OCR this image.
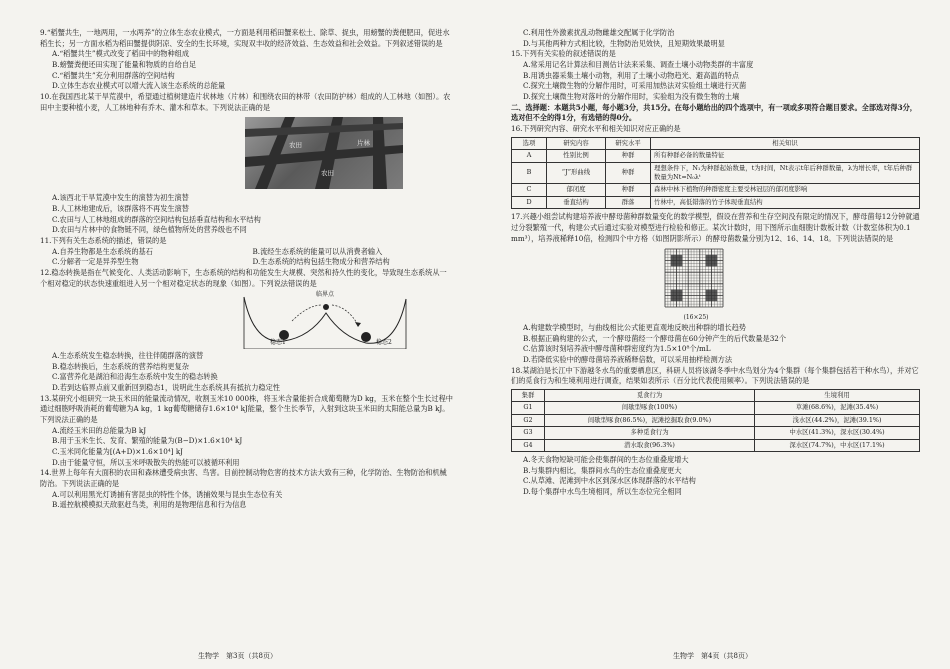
9.“稻蟹共生，一地两用，一水两养”的立体生态农业模式，一方面是利用稻田蟹来松土、除草、捉虫，用螃蟹的粪便肥田，促进水稻生长；另一方面水稻为稻田蟹提供阴凉、安全的生长环境，实现双丰收的经济效益、生态效益和社会效益。下列叙述错误的是

A.“稻蟹共生”模式改变了稻田中的物种组成

B.螃蟹粪便还田实现了能量和物质的自给自足

C.“稻蟹共生”充分利用群落的空间结构

D.立体生态农业模式可以增大流入该生态系统的总能量

10.在我国西北某干旱荒漠中，希望通过植树建造片状林地（片林）和围绕农田的林带（农田防护林）组成的人工林地（如图）。农田中主要种植小麦，人工林地种有乔木、灌木和草本。下列说法正确的是

农田
农田
片林

A.该西北干旱荒漠中发生的演替为初生演替

B.人工林地建成后，该群落将不再发生演替

C.农田与人工林地组成的群落的空间结构包括垂直结构和水平结构

D.农田与片林中的食物链不同，绿色植物所处的营养级也不同

11.下列有关生态系统的描述，错误的是

A.自养生物都是生态系统的基石	B.流经生态系统的能量可以从消费者输入
C.分解者一定是异养型生物	D.生态系统的结构包括生物成分和营养结构

12.稳态转换是指在气候变化、人类活动影响下，生态系统的结构和功能发生大规模、突然和持久性的变化，导致现生态系统从一个相对稳定的状态快速重组进入另一个相对稳定状态的现象（如图）。下列说法错误的是

临界点
稳态1	稳态2

A.生态系统发生稳态转换，往往伴随群落的演替

B.稳态转换后，生态系统的营养结构更复杂

C.富营养化是湖泊和沿海生态系统中发生的稳态转换

D.若到达临界点前又重新回到稳态1，说明此生态系统具有抵抗力稳定性

13.某研究小组研究一块玉米田的能量流动情况，收割玉米10 000株，将玉米含量能折合成葡萄糖为D kg，玉米在整个生长过程中通过细胞呼吸消耗的葡萄糖为A kg，1 kg葡萄糖储存1.6×10⁴ kJ能量，整个生长季节，入射到这块玉米田的太阳能总量为B kJ。下列说法正确的是

A.流经玉米田的总能量为B kJ

B.用于玉米生长、发育、繁殖的能量为(B−D)×1.6×10⁴ kJ

C.玉米同化能量为[(A+D)×1.6×10⁴] kJ

D.由于能量守恒，所以玉米呼吸散失的热能可以被循环利用

14.世界上每年有大面积的农田和森林遭受病虫害、鸟害。目前控制动物危害的技术方法大致有三种，化学防治、生物防治和机械防治。下列说法正确的是

A.可以利用黑光灯诱捕有害昆虫的特性个体，诱捕效果与昆虫生态位有关

B.遥控航模模拟天敌驱赶鸟类，利用的是物理信息和行为信息

生物学　第3页（共8页）

C.利用性外激素扰乱动物雌雄交配属于化学防治

D.与其他两种方式相比较，生物防治见效快，且短期效果最明显

15.下列有关实验的叙述错误的是

A.常采用记名计算法和目测估计法来采集、调查土壤小动物类群的丰富度

B.用诱虫器采集土壤小动物，利用了土壤小动物趋光、避高温的特点

C.探究土壤微生物的分解作用时，可采用加热法对实验组土壤进行灭菌

D.探究土壤微生物对落叶的分解作用时，实验组为没有微生物的土壤

二、选择题：本题共5小题，每小题3分，共15分。在每小题给出的四个选项中，有一项或多项符合题目要求。全部选对得3分，选对但不全的得1分，有选错的得0分。

16.下列研究内容、研究水平和相关知识对应正确的是

选项	研究内容	研究水平	相关知识
A	性别比例	种群	所有种群必备的数量特征
B	“J”形曲线	种群	理想条件下，N₁为种群起始数量，t为时间，Nt表示t年后种群数量，λ为增长率，t年后种群数量为Nt=N₀λᵗ
C	郁闭度	种群	森林中林下植物的种群密度主要受林冠层的郁闭度影响
D	垂直结构	群落	竹林中，高低错落的竹子体现垂直结构

17.兴趣小组尝试构建培养液中酵母菌种群数量变化的数学模型，假设在营养和生存空间没有限定的情况下，酵母菌每12分钟就通过分裂繁殖一代，构建公式后通过实验对模型进行检验和修正。某次计数时，用下图所示血细胞计数板计数（计数室体积为0.1 mm³），培养液稀释10倍，检测四个中方格（如图阴影所示）的酵母菌数量分别为12、16、14、18。下列说法错误的是

(16×25)

A.构建数学模型时，与曲线相比公式能更直观地反映出种群的增长趋势

B.根据正确构建的公式，一个酵母菌经一个酵母菌在60分钟产生的后代数量是32个

C.估算该时刻培养液中酵母菌种群密度约为1.5×10⁸个/mL

D.若降低实验中的酵母菌培养液稀释倍数，可以采用抽样检测方法

18.某湖泊是长江中下游越冬水鸟的重要栖息区，科研人员将该湖冬季中水鸟划分为4个集群（每个集群包括若干种水鸟），并对它们的觅食行为和生境利用进行调查，结果如表所示（百分比代表使用频率）。下列说法错误的是

集群	觅食行为	生境利用
G1	间歇型啄食(100%)	草滩(68.6%)，泥滩(35.4%)
G2	间歇型啄食(86.5%)，泥滩挖掘取食(9.0%)	浅水区(44.2%)，泥滩(39.1%)
G3	多种觅食行为	中水区(41.3%)，深水区(30.4%)
G4	潜水取食(96.3%)	深水区(74.7%)，中水区(17.1%)

A.冬天食物短缺可能会使集群间的生态位重叠度增大

B.与集群内相比，集群间水鸟的生态位重叠度更大

C.从草滩、泥滩到中水区到深水区体现群落的水平结构

D.每个集群中水鸟生境相同，所以生态位完全相同

生物学　第4页（共8页）
